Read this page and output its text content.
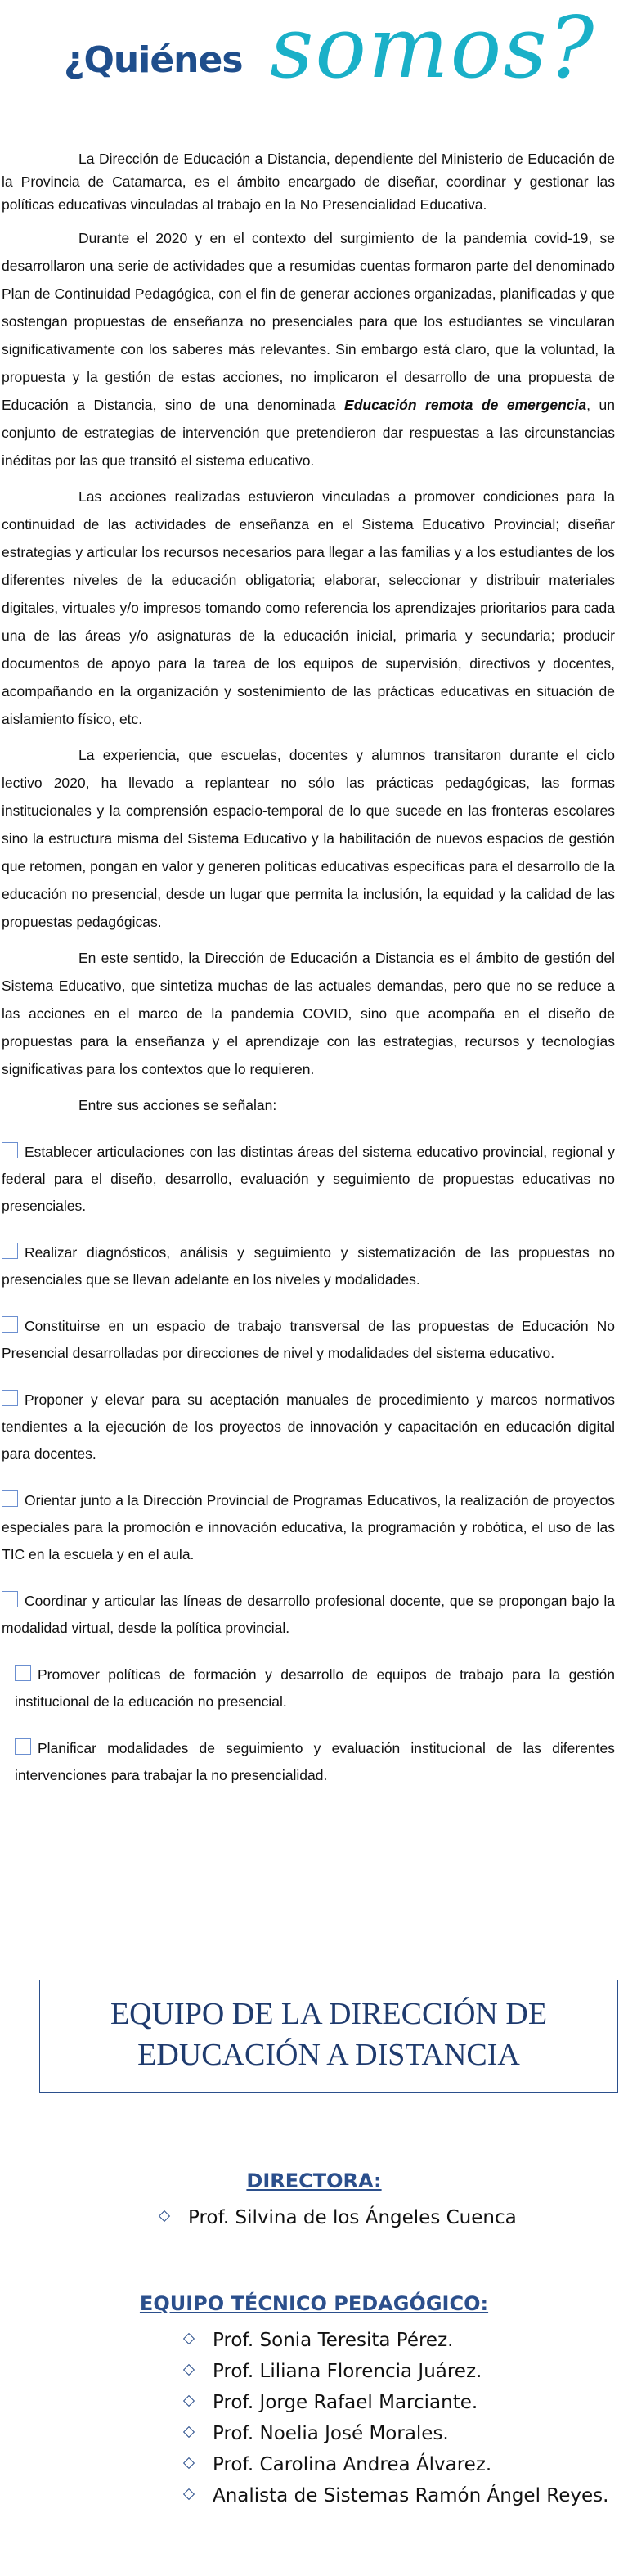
¿Quiénes somos?

La Dirección de Educación a Distancia, dependiente del Ministerio de Educación de la Provincia de Catamarca, es el ámbito encargado de diseñar, coordinar y gestionar las políticas educativas vinculadas al trabajo en la No Presencialidad Educativa.

Durante el 2020 y en el contexto del surgimiento de la pandemia covid-19, se desarrollaron una serie de actividades que a resumidas cuentas formaron parte del denominado Plan de Continuidad Pedagógica, con el fin de generar acciones organizadas, planificadas y que sostengan propuestas de enseñanza no presenciales para que los estudiantes se vincularan significativamente con los saberes más relevantes. Sin embargo está claro, que la voluntad, la propuesta y la gestión de estas acciones, no implicaron el desarrollo de una propuesta de Educación a Distancia, sino de una denominada Educación remota de emergencia, un conjunto de estrategias de intervención que pretendieron dar respuestas a las circunstancias inéditas por las que transitó el sistema educativo.

Las acciones realizadas estuvieron vinculadas a promover condiciones para la continuidad de las actividades de enseñanza en el Sistema Educativo Provincial; diseñar estrategias y articular los recursos necesarios para llegar a las familias y a los estudiantes de los diferentes niveles de la educación obligatoria; elaborar, seleccionar y distribuir materiales digitales, virtuales y/o impresos tomando como referencia los aprendizajes prioritarios para cada una de las áreas y/o asignaturas de la educación inicial, primaria y secundaria; producir documentos de apoyo para la tarea de los equipos de supervisión, directivos y docentes, acompañando en la organización y sostenimiento de las prácticas educativas en situación de aislamiento físico, etc.

La experiencia, que escuelas, docentes y alumnos transitaron durante el ciclo lectivo 2020, ha llevado a replantear no sólo las prácticas pedagógicas, las formas institucionales y la comprensión espacio-temporal de lo que sucede en las fronteras escolares sino la estructura misma del Sistema Educativo y la habilitación de nuevos espacios de gestión que retomen, pongan en valor y generen políticas educativas específicas para el desarrollo de la educación no presencial, desde un lugar que permita la inclusión, la equidad y la calidad de las propuestas pedagógicas.

En este sentido, la Dirección de Educación a Distancia es el ámbito de gestión del Sistema Educativo, que sintetiza muchas de las actuales demandas, pero que no se reduce a las acciones en el marco de la pandemia COVID, sino que acompaña en el diseño de propuestas para la enseñanza y el aprendizaje con las estrategias, recursos y tecnologías significativas para los contextos que lo requieren.

Entre sus acciones se señalan:

Establecer articulaciones con las distintas áreas del sistema educativo provincial, regional y federal para el diseño, desarrollo, evaluación y seguimiento de propuestas educativas no presenciales.

Realizar diagnósticos, análisis y seguimiento y sistematización de las propuestas no presenciales que se llevan adelante en los niveles y modalidades.

Constituirse en un espacio de trabajo transversal de las propuestas de Educación No Presencial desarrolladas por direcciones de nivel y modalidades del sistema educativo.

Proponer y elevar para su aceptación manuales de procedimiento y marcos normativos tendientes a la ejecución de los proyectos de innovación y capacitación en educación digital para docentes.

Orientar junto a la Dirección Provincial de Programas Educativos, la realización de proyectos especiales para la promoción e innovación educativa, la programación y robótica, el uso de las TIC en la escuela y en el aula.

Coordinar y articular las líneas de desarrollo profesional docente, que se propongan bajo la modalidad virtual, desde la política provincial.

Promover políticas de formación y desarrollo de equipos de trabajo para la gestión institucional de la educación no presencial.

Planificar modalidades de seguimiento y evaluación institucional de las diferentes intervenciones para trabajar la no presencialidad.

EQUIPO DE LA DIRECCIÓN DE
EDUCACIÓN A DISTANCIA
DIRECTORA:
Prof. Silvina de los Ángeles Cuenca
EQUIPO TÉCNICO PEDAGÓGICO:
Prof. Sonia Teresita Pérez.
Prof. Liliana Florencia Juárez.
Prof. Jorge Rafael Marciante.
Prof. Noelia José Morales.
Prof. Carolina Andrea Álvarez.
Analista de Sistemas Ramón Ángel Reyes.
